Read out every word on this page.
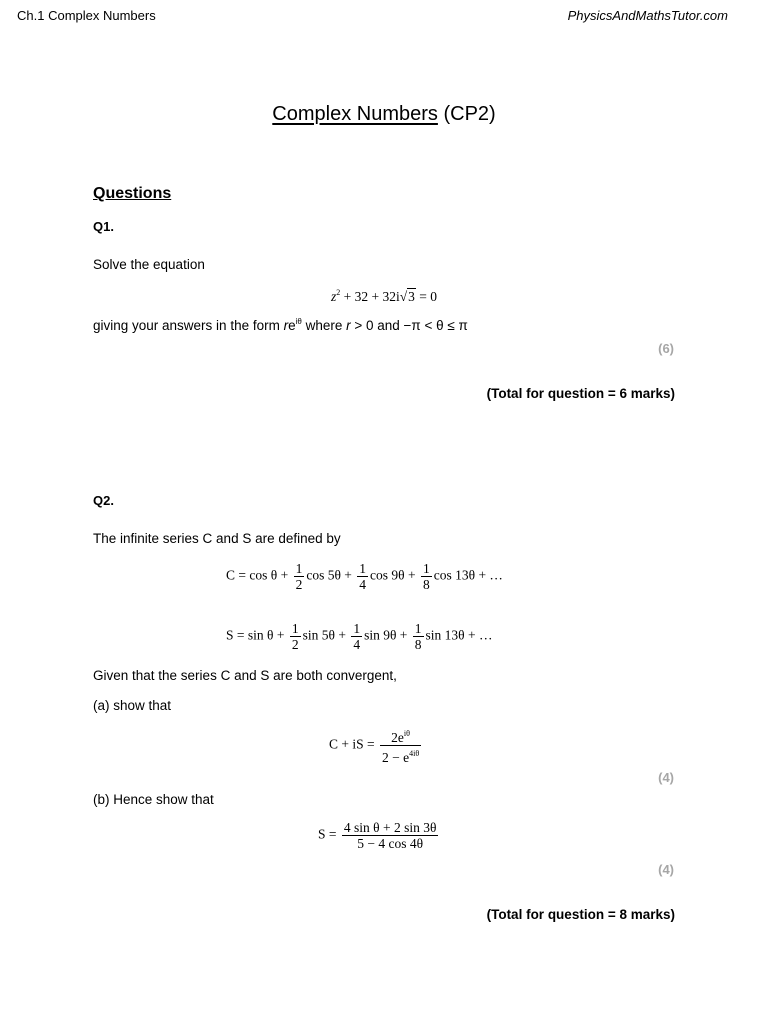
Ch.1 Complex Numbers	PhysicsAndMathsTutor.com
Complex Numbers (CP2)
Questions
Q1.
Solve the equation
$z^2 + 32 + 32i√3 = 0$
giving your answers in the form $re^{i\theta}$ where r > 0 and −π < θ ≤ π
(6)
(Total for question = 6 marks)
Q2.
The infinite series C and S are defined by
$C = \cos \theta + \frac{1}{2}$ $\cos 5\theta + \frac{1}{4}$ $\cos 9\theta + \frac{1}{8}$ cos 13θ + …
$S = \sin \theta + \frac{1}{2}$ $\sin 5\theta + \frac{1}{4}$ $\sin 9\theta + \frac{1}{8}$ sin 13θ + …
Given that the series C and S are both convergent,
(a) show that
C + iS = $\frac{2e^{i\theta}}{2 - e^{4i\theta}}$
(4)
(b) Hence show that
$S = \frac{\text{4 sin θ + 2 sin 3θ}}{5 - 4 \cos 4\theta}$
(4)
(Total for question = 8 marks)
